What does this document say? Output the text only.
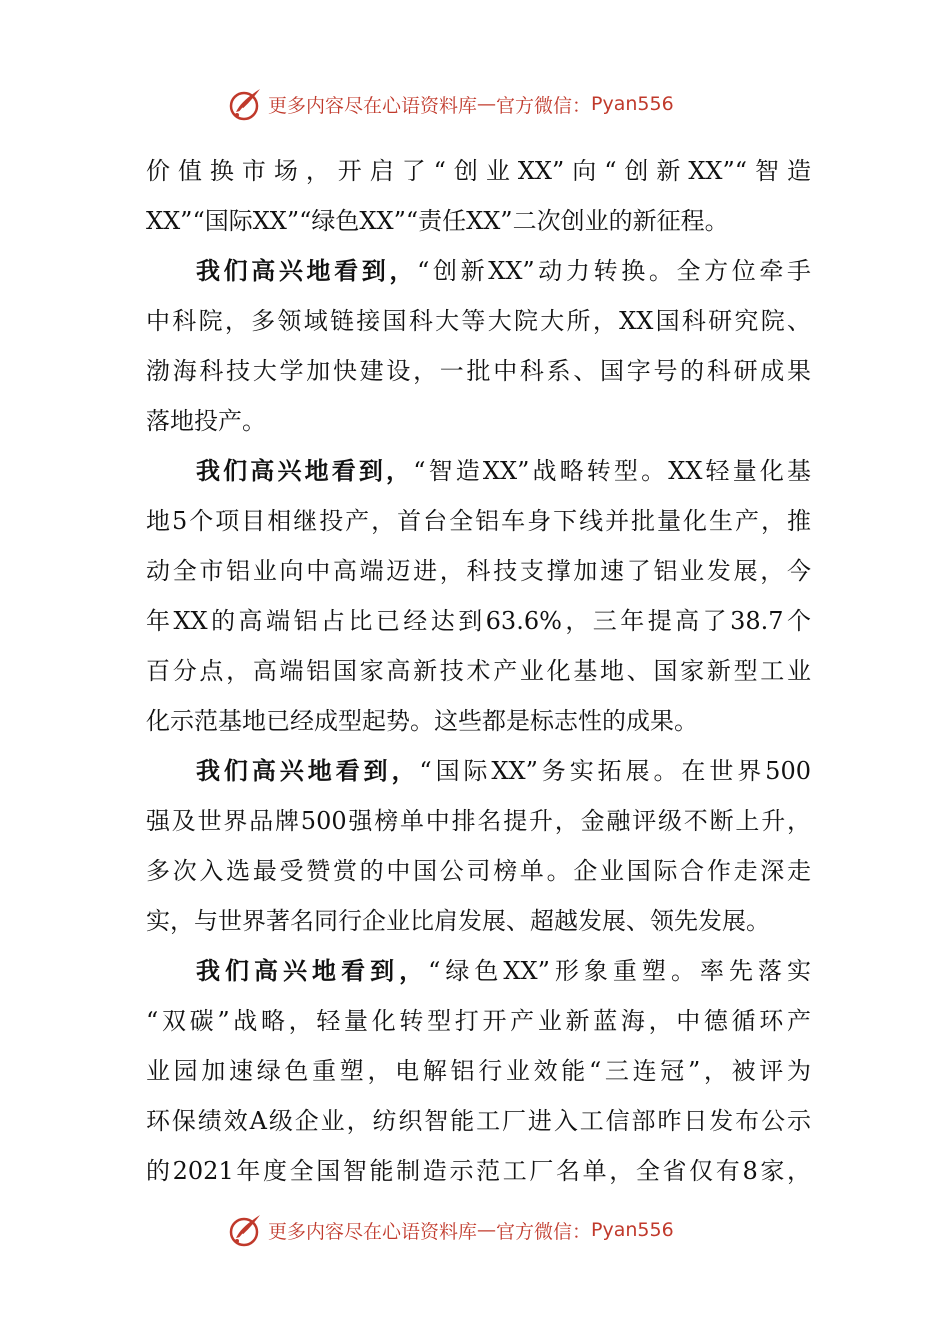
更多内容尽在心语资料库 — 官方微信： Pyan556
价值换市场，开启了“创业XX”向“创新XX”“智造
XX”“国际XX”“绿色XX”“责任XX”二次创业的新征程。
我们高兴地看到，“创新XX”动力转换。全方位牵手
中科院，多领域链接国科大等大院大所，XX国科研究院、
渤海科技大学加快建设，一批中科系、国字号的科研成果
落地投产。
我们高兴地看到，“智造XX”战略转型。XX轻量化基
地5个项目相继投产，首台全铝车身下线并批量化生产，推
动全市铝业向中高端迈进，科技支撑加速了铝业发展，今
年XX的高端铝占比已经达到63.6%，三年提高了38.7个
百分点，高端铝国家高新技术产业化基地、国家新型工业
化示范基地已经成型起势。这些都是标志性的成果。
我们高兴地看到，“国际XX”务实拓展。在世界500
强及世界品牌500强榜单中排名提升，金融评级不断上升，
多次入选最受赞赏的中国公司榜单。企业国际合作走深走
实，与世界著名同行企业比肩发展、超越发展、领先发展。
我们高兴地看到，“绿色XX”形象重塑。率先落实
“双碳”战略，轻量化转型打开产业新蓝海，中德循环产
业园加速绿色重塑，电解铝行业效能“三连冠”，被评为
环保绩效A级企业，纺织智能工厂进入工信部昨日发布公示
的2021年度全国智能制造示范工厂名单，全省仅有8家，
更多内容尽在心语资料库 — 官方微信： Pyan556
